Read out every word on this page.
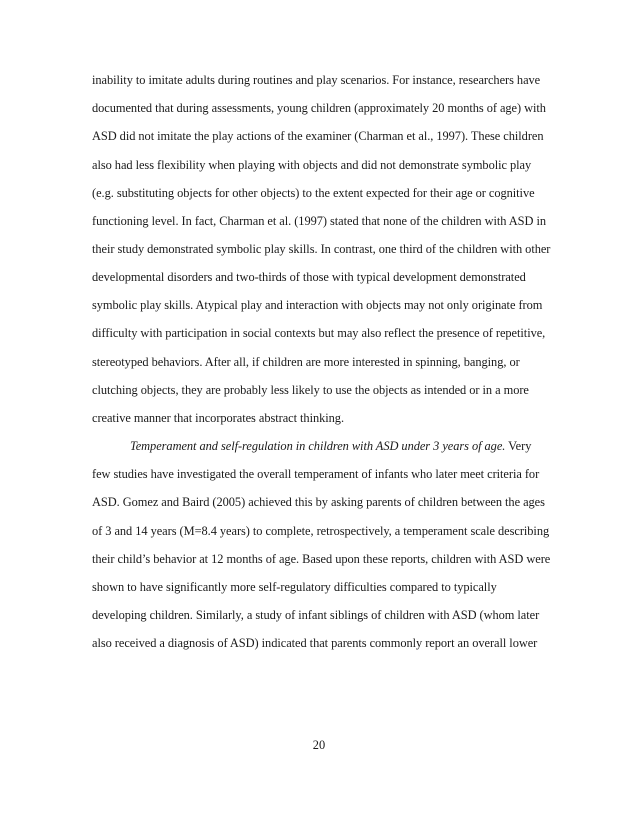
inability to imitate adults during routines and play scenarios. For instance, researchers have
documented that during assessments, young children (approximately 20 months of age) with
ASD did not imitate the play actions of the examiner (Charman et al., 1997). These children
also had less flexibility when playing with objects and did not demonstrate symbolic play
(e.g. substituting objects for other objects) to the extent expected for their age or cognitive
functioning level. In fact, Charman et al. (1997) stated that none of the children with ASD in
their study demonstrated symbolic play skills. In contrast, one third of the children with other
developmental disorders and two-thirds of those with typical development demonstrated
symbolic play skills. Atypical play and interaction with objects may not only originate from
difficulty with participation in social contexts but may also reflect the presence of repetitive,
stereotyped behaviors. After all, if children are more interested in spinning, banging, or
clutching objects, they are probably less likely to use the objects as intended or in a more
creative manner that incorporates abstract thinking.
Temperament and self-regulation in children with ASD under 3 years of age. Very
few studies have investigated the overall temperament of infants who later meet criteria for
ASD. Gomez and Baird (2005) achieved this by asking parents of children between the ages
of 3 and 14 years (M=8.4 years) to complete, retrospectively, a temperament scale describing
their child’s behavior at 12 months of age. Based upon these reports, children with ASD were
shown to have significantly more self-regulatory difficulties compared to typically
developing children. Similarly, a study of infant siblings of children with ASD (whom later
also received a diagnosis of ASD) indicated that parents commonly report an overall lower
20
